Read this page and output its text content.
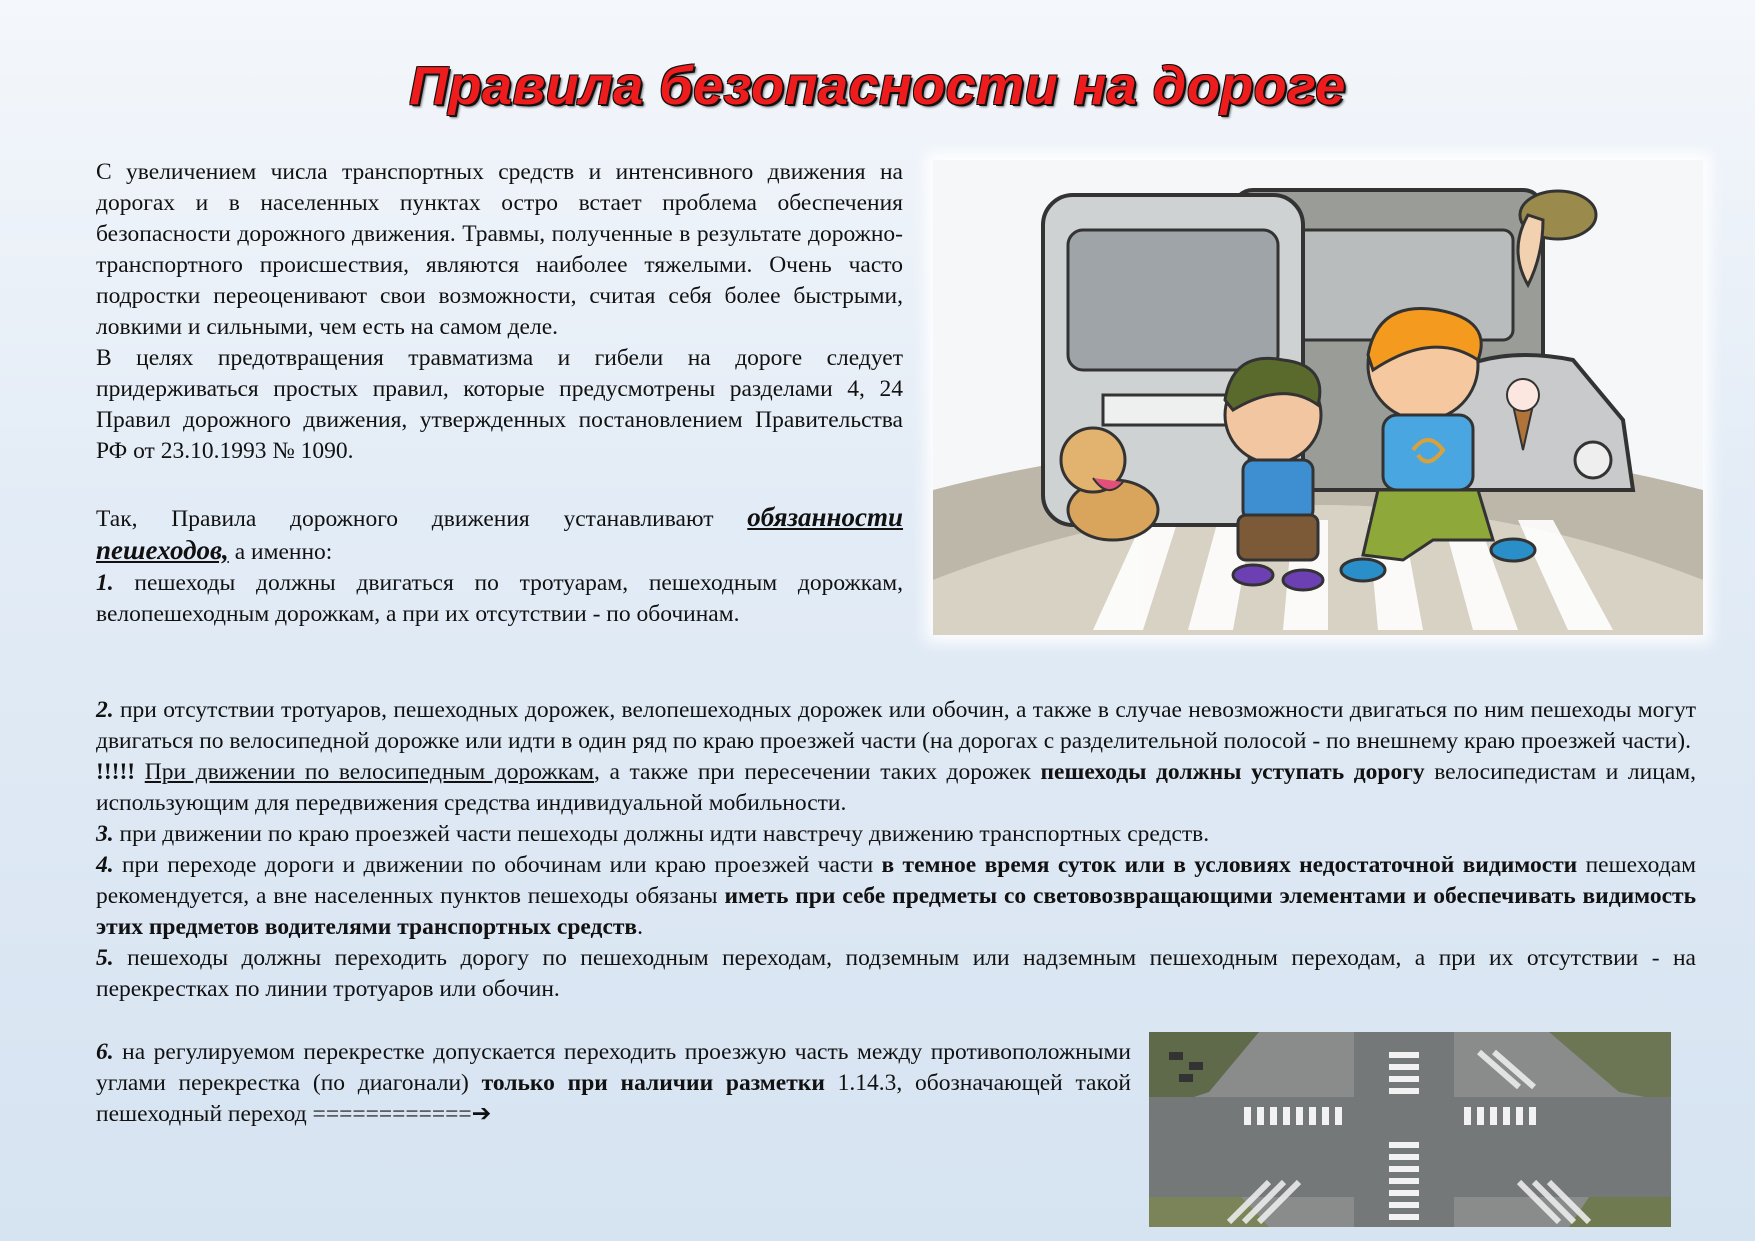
Правила безопасности на дороге

С увеличением числа транспортных средств и интенсивного движения на дорогах и в населенных пунктах остро встает проблема обеспечения безопасности дорожного движения. Травмы, полученные в результате дорожно-транспортного происшествия, являются наиболее тяжелыми. Очень часто подростки переоценивают свои возможности, считая себя более быстрыми, ловкими и сильными, чем есть на самом деле.

В целях предотвращения травматизма и гибели на дороге следует придерживаться простых правил, которые предусмотрены разделами 4, 24 Правил дорожного движения, утвержденных постановлением Правительства РФ от 23.10.1993 № 1090.

Так, Правила дорожного движения устанавливают обязанности пешеходов, а именно:

1. пешеходы должны двигаться по тротуарам, пешеходным дорожкам, велопешеходным дорожкам, а при их отсутствии - по обочинам.

2. при отсутствии тротуаров, пешеходных дорожек, велопешеходных дорожек или обочин, а также в случае невозможности двигаться по ним пешеходы могут двигаться по велосипедной дорожке или идти в один ряд по краю проезжей части (на дорогах с разделительной полосой - по внешнему краю проезжей части).

!!!!! При движении по велосипедным дорожкам, а также при пересечении таких дорожек пешеходы должны уступать дорогу велосипедистам и лицам, использующим для передвижения средства индивидуальной мобильности.

3. при движении по краю проезжей части пешеходы должны идти навстречу движению транспортных средств.

4. при переходе дороги и движении по обочинам или краю проезжей части в темное время суток или в условиях недостаточной видимости пешеходам рекомендуется, а вне населенных пунктов пешеходы обязаны иметь при себе предметы со световозвращающими элементами и обеспечивать видимость этих предметов водителями транспортных средств.

5. пешеходы должны переходить дорогу по пешеходным переходам, подземным или надземным пешеходным переходам, а при их отсутствии - на перекрестках по линии тротуаров или обочин.

6. на регулируемом перекрестке допускается переходить проезжую часть между противоположными углами перекрестка (по диагонали) только при наличии разметки 1.14.3, обозначающей такой пешеходный переход ============➔
